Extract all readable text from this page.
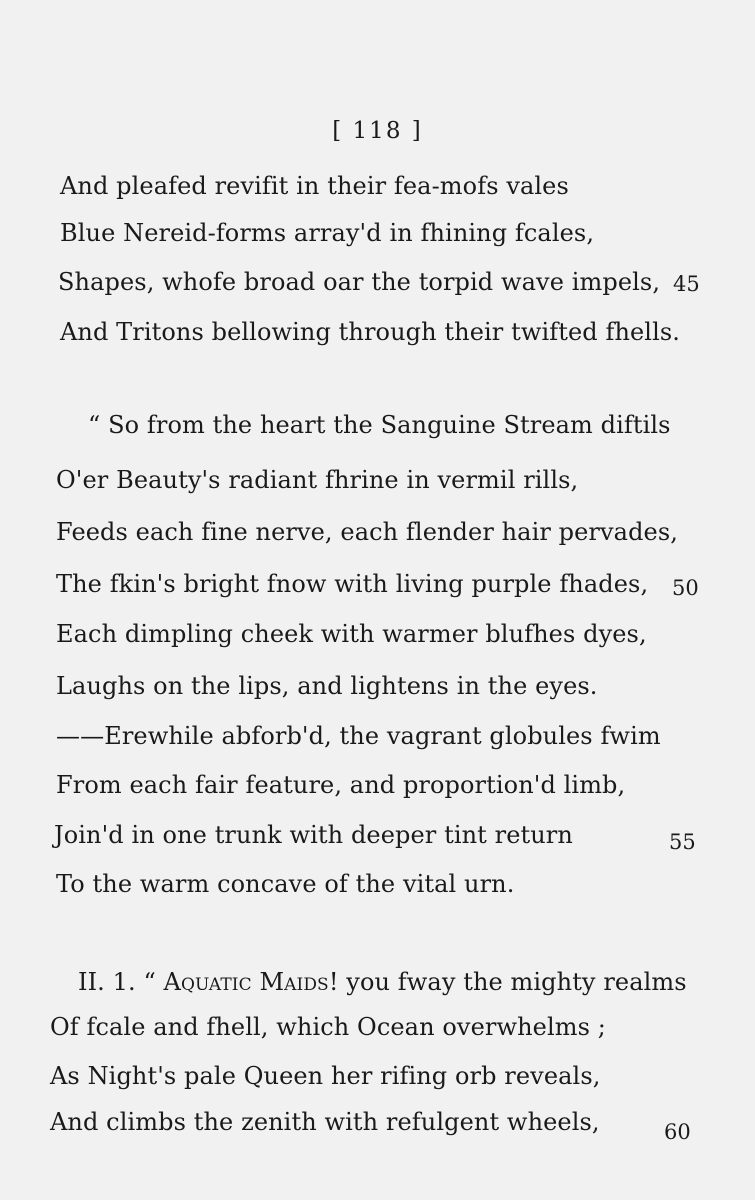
[ 118 ]
And pleafed revifit in their fea-mofs vales
Blue Nereid-forms array'd in fhining fcales,
Shapes, whofe broad oar the torpid wave impels, 45
And Tritons bellowing through their twifted fhells.
“ So from the heart the Sanguine Stream diftils
O'er Beauty's radiant fhrine in vermil rills,
Feeds each fine nerve, each flender hair pervades,
The fkin's bright fnow with living purple fhades, 50
Each dimpling cheek with warmer blufhes dyes,
Laughs on the lips, and lightens in the eyes.
——Erewhile abforb'd, the vagrant globules fwim
From each fair feature, and proportion'd limb,
Join'd in one trunk with deeper tint return	55
To the warm concave of the vital urn.
II. 1. “ Aquatic Maids! you fway the mighty realms
Of fcale and fhell, which Ocean overwhelms ;
As Night's pale Queen her rifing orb reveals,
And climbs the zenith with refulgent wheels,	60
